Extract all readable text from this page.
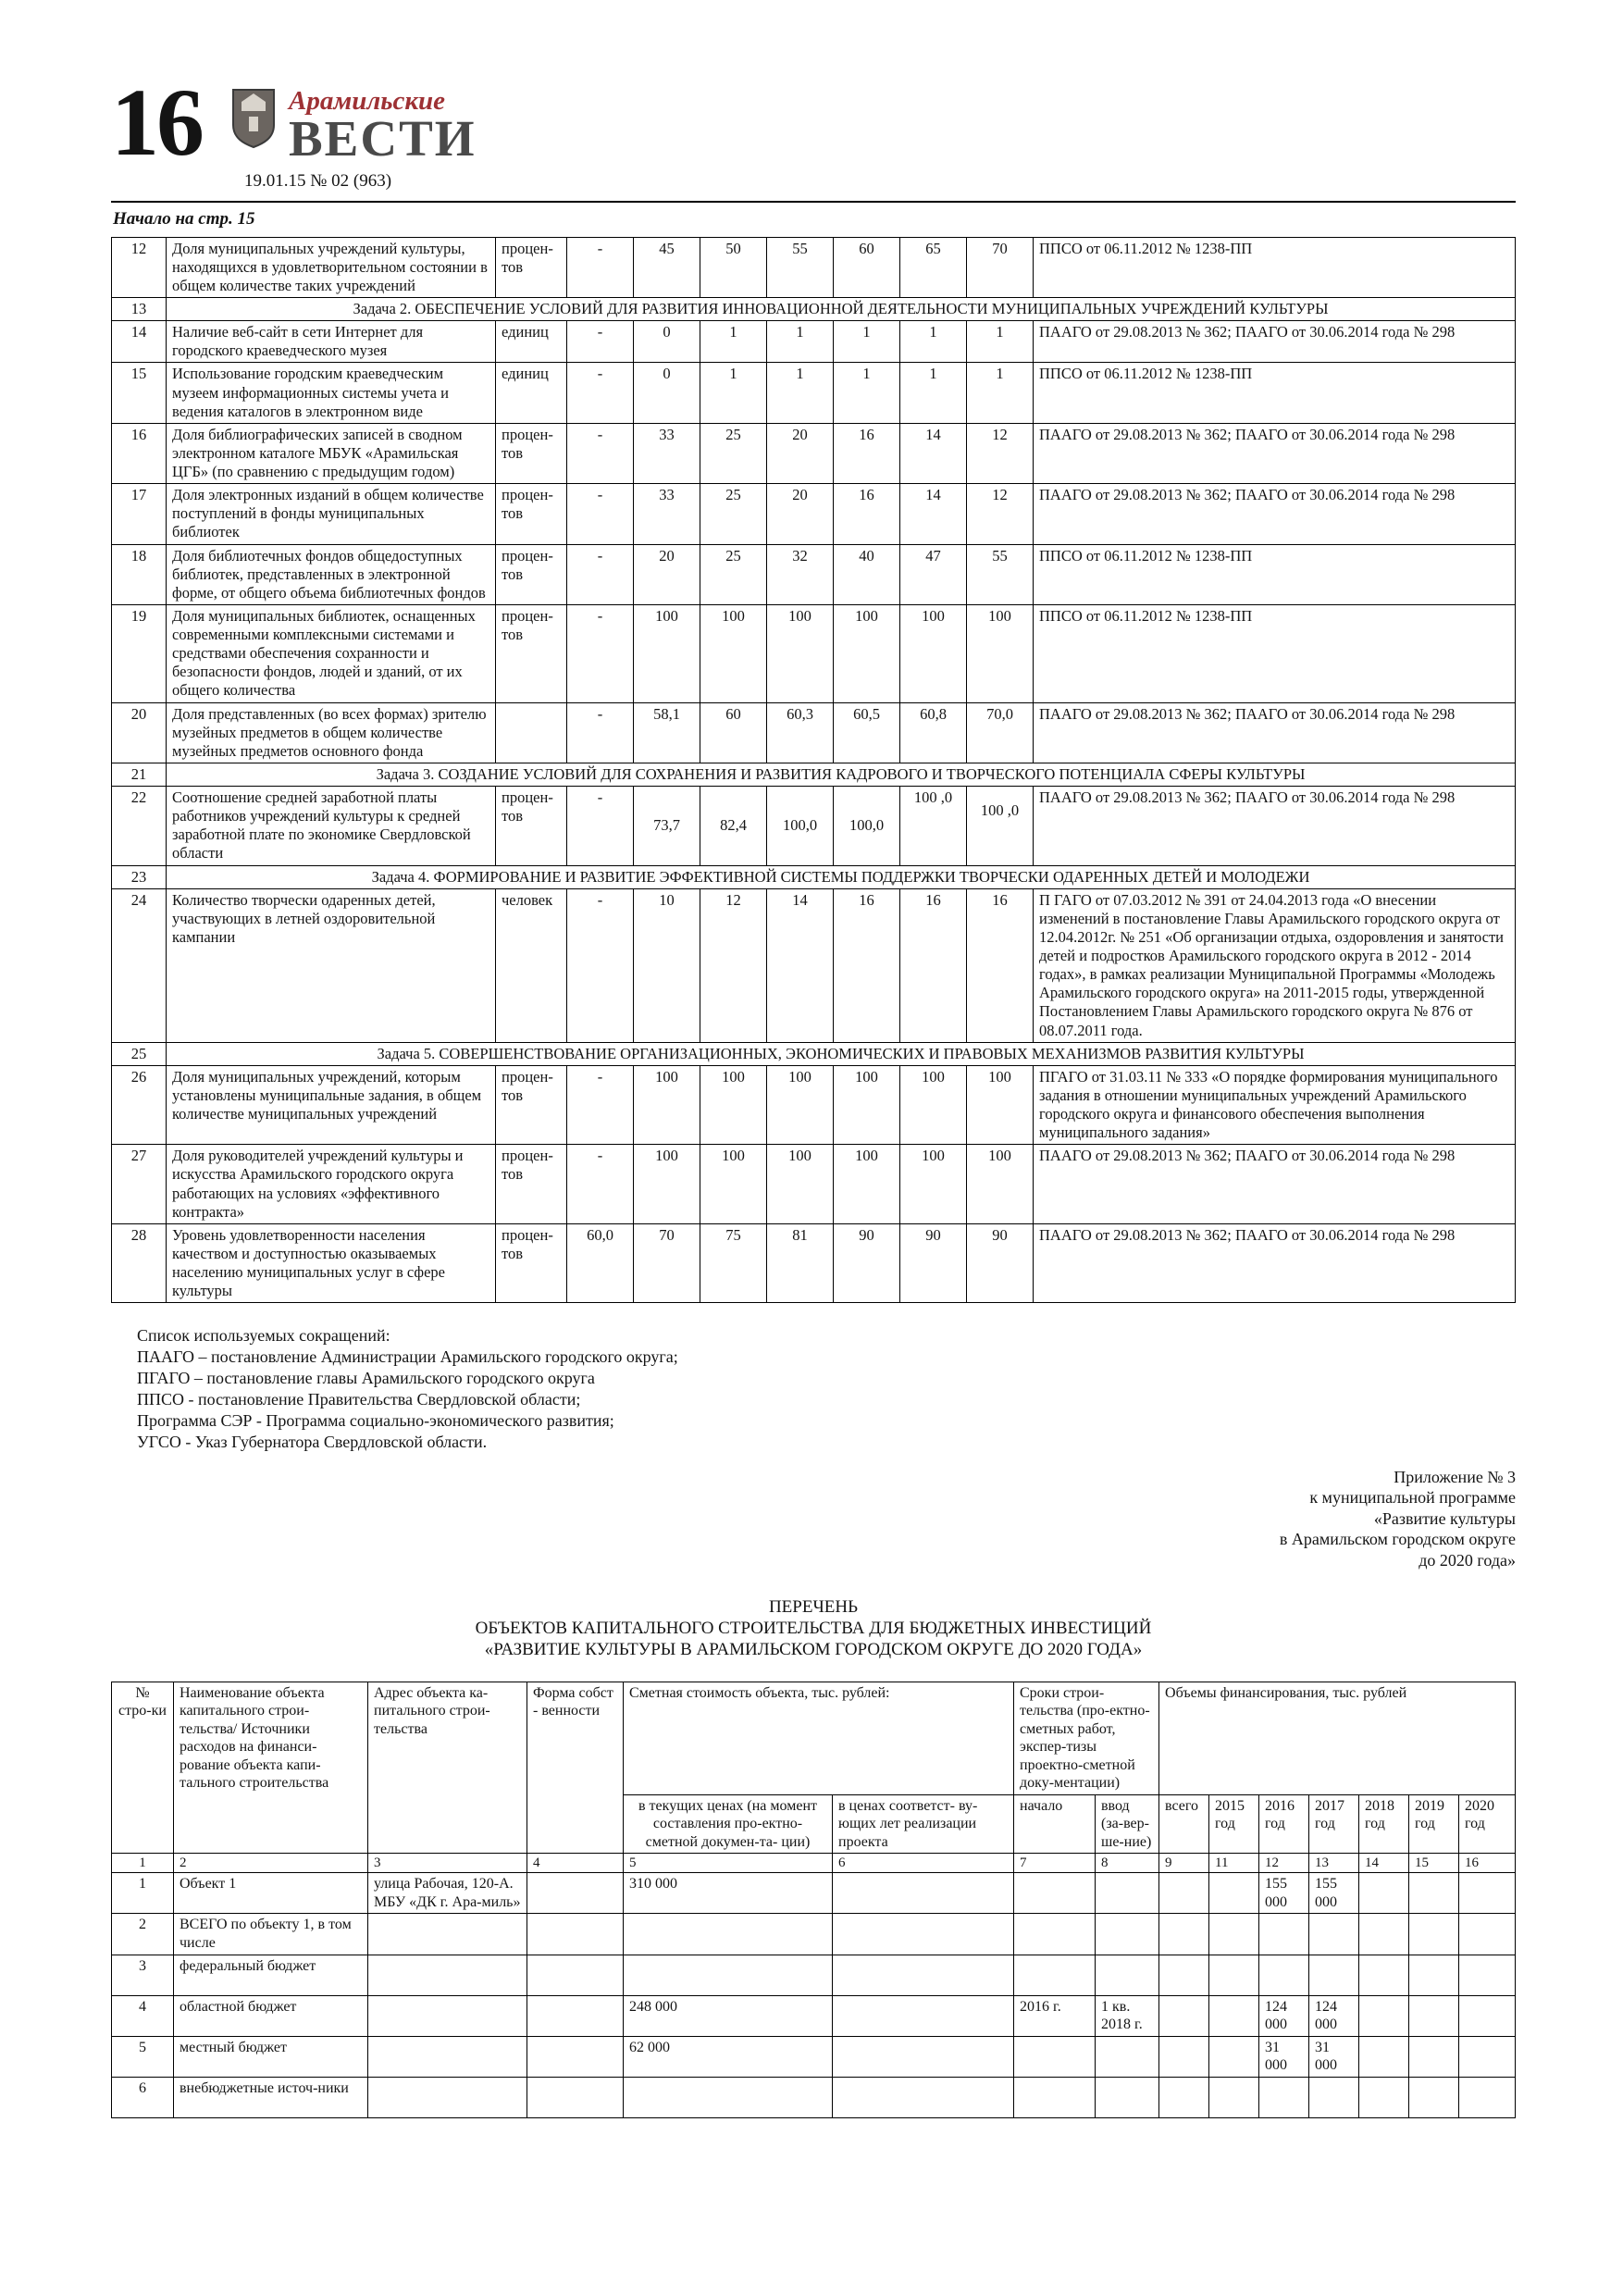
16	Арамильские
ВЕСТИ
19.01.15 № 02 (963)
Начало на стр. 15
12	Доля муниципальных учреждений культуры, находящихся в удовлетворительном состоянии в общем количестве таких учреждений	процен-тов	-	45	50	55	60	65	70	ППСО от 06.11.2012 № 1238-ПП
13	Задача 2. ОБЕСПЕЧЕНИЕ УСЛОВИЙ ДЛЯ РАЗВИТИЯ ИННОВАЦИОННОЙ ДЕЯТЕЛЬНОСТИ МУНИЦИПАЛЬНЫХ УЧРЕЖДЕНИЙ КУЛЬТУРЫ									
14	Наличие веб-сайт в сети Интернет для городского краеведческого музея	единиц	-	0	1	1	1	1	1	ПААГО от 29.08.2013 № 362; ПААГО от 30.06.2014 года № 298
15	Использование городским краеведческим музеем информационных системы учета и ведения каталогов в электронном виде	единиц	-	0	1	1	1	1	1	ППСО от 06.11.2012 № 1238-ПП
16	Доля библиографических записей в сводном электронном каталоге МБУК «Арамильская ЦГБ» (по сравнению с предыдущим годом)	процен-тов	-	33	25	20	16	14	12	ПААГО от 29.08.2013 № 362; ПААГО от 30.06.2014 года № 298
17	Доля электронных изданий в общем количестве поступлений в фонды муниципальных библиотек	процен-тов	-	33	25	20	16	14	12	ПААГО от 29.08.2013 № 362; ПААГО от 30.06.2014 года № 298
18	Доля библиотечных фондов общедоступных библиотек, представленных в электронной форме, от общего объема библиотечных фондов	процен-тов	-	20	25	32	40	47	55	ППСО от 06.11.2012 № 1238-ПП
19	Доля муниципальных библиотек, оснащенных современными комплексными системами и средствами обеспечения сохранности и безопасности фондов, людей и зданий, от их общего количества	процен-тов	-	100	100	100	100	100	100	ППСО от 06.11.2012 № 1238-ПП
20	Доля представленных (во всех формах) зрителю музейных предметов в общем количестве музейных предметов основного фонда		-	58,1	60	60,3	60,5	60,8	70,0	ПААГО от 29.08.2013 № 362; ПААГО от 30.06.2014 года № 298
21	Задача 3. СОЗДАНИЕ УСЛОВИЙ ДЛЯ СОХРАНЕНИЯ И РАЗВИТИЯ КАДРОВОГО И ТВОРЧЕСКОГО ПОТЕНЦИАЛА СФЕРЫ КУЛЬТУРЫ									
22	Соотношение средней заработной платы работников учреждений культуры к средней заработной плате по экономике Свердловской области	процен-тов	-	73,7	82,4	100,0	100,0	100 ,0	100 ,0	ПААГО от 29.08.2013 № 362; ПААГО от 30.06.2014 года № 298
23	Задача 4. ФОРМИРОВАНИЕ И РАЗВИТИЕ ЭФФЕКТИВНОЙ СИСТЕМЫ ПОДДЕРЖКИ ТВОРЧЕСКИ ОДАРЕННЫХ ДЕТЕЙ И МОЛОДЕЖИ									
24	Количество творчески одаренных детей, участвующих в летней оздоровительной кампании	человек	-	10	12	14	16	16	16	П ГАГО от 07.03.2012 № 391 от 24.04.2013 года «О внесении изменений в постановление Главы Арамильского городского округа от 12.04.2012г. № 251 «Об организации отдыха, оздоровления и занятости детей и подростков Арамильского городского округа в 2012 - 2014 годах», в рамках реализации Муниципальной Программы «Молодежь Арамильского городского округа» на 2011-2015 годы, утвержденной Постановлением Главы Арамильского городского округа № 876 от 08.07.2011 года.
25	Задача 5. СОВЕРШЕНСТВОВАНИЕ ОРГАНИЗАЦИОННЫХ, ЭКОНОМИЧЕСКИХ И ПРАВОВЫХ МЕХАНИЗМОВ РАЗВИТИЯ КУЛЬТУРЫ									
26	Доля муниципальных учреждений, которым установлены муниципальные задания, в общем количестве муниципальных учреждений	процен-тов	-	100	100	100	100	100	100	ПГАГО от 31.03.11 № 333 «О порядке формирования муниципального задания в отношении муниципальных учреждений Арамильского городского округа и финансового обеспечения выполнения муниципального задания»
27	Доля руководителей учреждений культуры и искусства Арамильского городского округа работающих на условиях «эффективного контракта»	процен-тов	-	100	100	100	100	100	100	ПААГО от 29.08.2013 № 362; ПААГО от 30.06.2014 года № 298
28	Уровень удовлетворенности населения качеством и доступностью оказываемых населению муниципальных услуг в сфере культуры	процен-тов	60,0	70	75	81	90	90	90	ПААГО от 29.08.2013 № 362; ПААГО от 30.06.2014 года № 298
Список используемых сокращений:
ПААГО – постановление Администрации Арамильского городского округа;
ПГАГО – постановление главы Арамильского городского округа
ППСО - постановление Правительства Свердловской области;
Программа СЭР - Программа социально-экономического развития;
УГСО - Указ Губернатора Свердловской области.
Приложение № 3
к муниципальной программе
«Развитие культуры
в Арамильском городском округе
до 2020 года»
ПЕРЕЧЕНЬ
ОБЪЕКТОВ КАПИТАЛЬНОГО СТРОИТЕЛЬСТВА ДЛЯ БЮДЖЕТНЫХ ИНВЕСТИЦИЙ
«РАЗВИТИЕ КУЛЬТУРЫ В АРАМИЛЬСКОМ ГОРОДСКОМ ОКРУГЕ ДО 2020 ГОДА»
№ стро-ки	Наименование объекта капитального строи-тельства/ Источники расходов на финанси-рование объекта капи-тального строительства	Адрес объекта ка-питального строи-тельства	Форма собст - венности	Сметная стоимость объекта, тыс. рублей:		Сроки строи-тельства (про-ектно- сметных работ, экспер-тизы проектно-сметной доку-ментации)		Объемы финансирования, тыс. рублей						
				в текущих ценах (на момент составления про-ектно- сметной докумен-та- ции)	в ценах соответст- ву-ющих лет реализации проекта	начало	ввод (за-вер-ше-ние)	всего	2015 год	2016 год	2017 год	2018 год	2019 год	2020 год
1	2	3	4	5	6	7	8	9	11	12	13	14	15	16
1	Объект 1	улица Рабочая, 120-А. МБУ «ДК г. Ара-миль»		310 000						155 000	155 000			
2	ВСЕГО по объекту 1, в том числе													
3	федеральный бюджет													
4	областной бюджет			248 000		2016 г.	1 кв. 2018 г.			124 000	124 000			
5	местный бюджет			62 000						31 000	31 000			
6	внебюджетные источ-ники													
